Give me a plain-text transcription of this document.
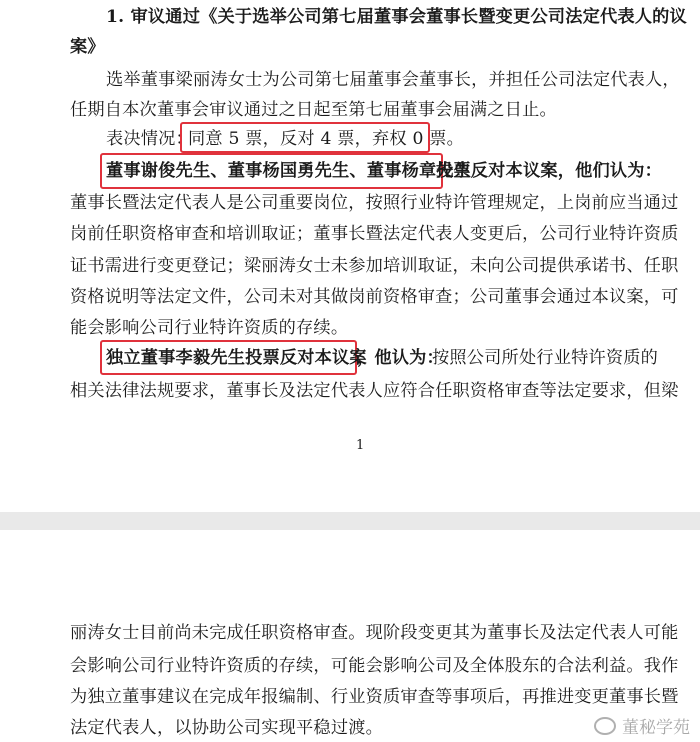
1. 审议通过《关于选举公司第七届董事会董事长暨变更公司法定代表人的议
案》
选举董事梁丽涛女士为公司第七届董事会董事长，并担任公司法定代表人，
任期自本次董事会审议通过之日起至第七届董事会届满之日止。
表决情况：
同意 5 票，反对 4 票，弃权 0 票。
董事谢俊先生、董事杨国勇先生、董事杨章先生
投票反对本议案，他们认为：
董事长暨法定代表人是公司重要岗位，按照行业特许管理规定，上岗前应当通过
岗前任职资格审查和培训取证；董事长暨法定代表人变更后，公司行业特许资质
证书需进行变更登记；梁丽涛女士未参加培训取证，未向公司提供承诺书、任职
资格说明等法定文件，公司未对其做岗前资格审查；公司董事会通过本议案，可
能会影响公司行业特许资质的存续。
独立董事李毅先生投票反对本议案
，他认为：
按照公司所处行业特许资质的
相关法律法规要求，董事长及法定代表人应符合任职资格审查等法定要求，但梁
1
丽涛女士目前尚未完成任职资格审查。现阶段变更其为董事长及法定代表人可能
会影响公司行业特许资质的存续，可能会影响公司及全体股东的合法利益。我作
为独立董事建议在完成年报编制、行业资质审查等事项后，再推进变更董事长暨
法定代表人，以协助公司实现平稳过渡。	董秘学苑
